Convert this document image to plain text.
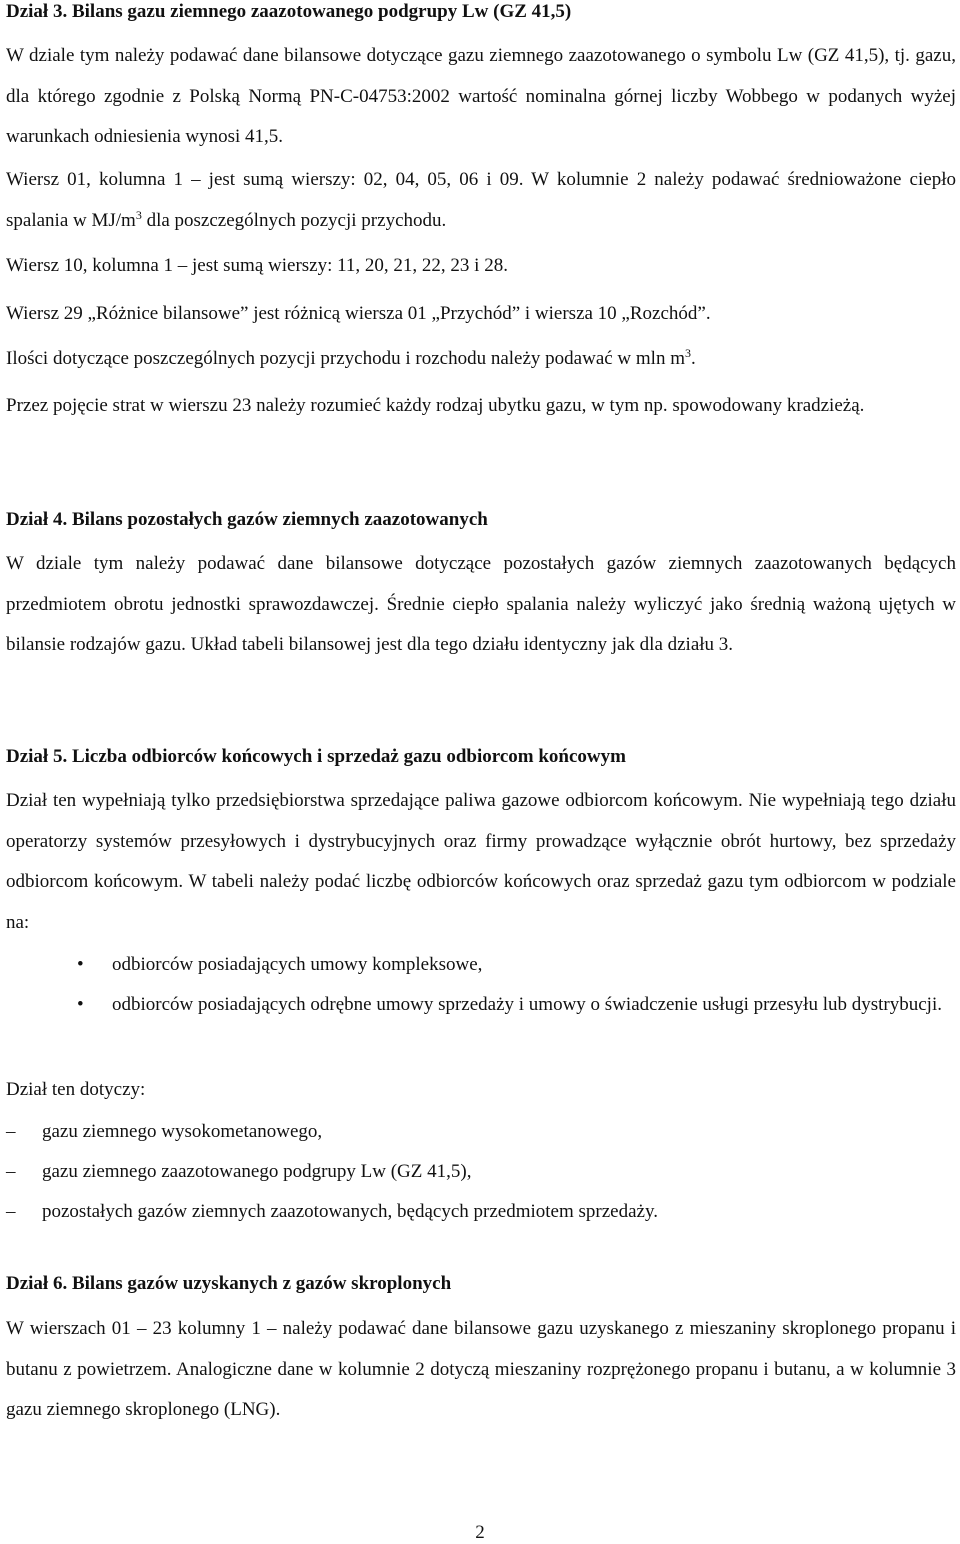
Dział 3. Bilans gazu ziemnego zaazotowanego podgrupy Lw (GZ 41,5)

W dziale tym należy podawać dane bilansowe dotyczące gazu ziemnego zaazotowanego o symbolu Lw (GZ 41,5), tj. gazu, dla którego zgodnie z Polską Normą PN-C-04753:2002 wartość nominalna górnej liczby Wobbego w podanych wyżej warunkach odniesienia wynosi 41,5.

Wiersz 01, kolumna 1 – jest sumą wierszy: 02, 04, 05, 06 i 09. W kolumnie 2 należy podawać średnioważone ciepło spalania w $MJ/m^3$ dla poszczególnych pozycji przychodu.

Wiersz 10, kolumna 1 – jest sumą wierszy: 11, 20, 21, 22, 23 i 28.

Wiersz 29 „Różnice bilansowe” jest różnicą wiersza 01 „Przychód” i wiersza 10 „Rozchód”.

Ilości dotyczące poszczególnych pozycji przychodu i rozchodu należy podawać w mln $m^3$.

Przez pojęcie strat w wierszu 23 należy rozumieć każdy rodzaj ubytku gazu, w tym np. spowodowany kradzieżą.

Dział 4. Bilans pozostałych gazów ziemnych zaazotowanych

W dziale tym należy podawać dane bilansowe dotyczące pozostałych gazów ziemnych zaazotowanych będących przedmiotem obrotu jednostki sprawozdawczej. Średnie ciepło spalania należy wyliczyć jako średnią ważoną ujętych w bilansie rodzajów gazu. Układ tabeli bilansowej jest dla tego działu identyczny jak dla działu 3.

Dział 5. Liczba odbiorców końcowych i sprzedaż gazu odbiorcom końcowym

Dział ten wypełniają tylko przedsiębiorstwa sprzedające paliwa gazowe odbiorcom końcowym. Nie wypełniają tego działu operatorzy systemów przesyłowych i dystrybucyjnych oraz firmy prowadzące wyłącznie obrót hurtowy, bez sprzedaży odbiorcom końcowym. W tabeli należy podać liczbę odbiorców końcowych oraz sprzedaż gazu tym odbiorcom w podziale na:

• odbiorców posiadających umowy kompleksowe,
• odbiorców posiadających odrębne umowy sprzedaży i umowy o świadczenie usługi przesyłu lub dystrybucji.

Dział ten dotyczy:

– gazu ziemnego wysokometanowego,
– gazu ziemnego zaazotowanego podgrupy Lw (GZ 41,5),
– pozostałych gazów ziemnych zaazotowanych, będących przedmiotem sprzedaży.

Dział 6. Bilans gazów uzyskanych z gazów skroplonych

W wierszach 01 – 23 kolumny 1 – należy podawać dane bilansowe gazu uzyskanego z mieszaniny skroplonego propanu i butanu z powietrzem. Analogiczne dane w kolumnie 2 dotyczą mieszaniny rozprężonego propanu i butanu, a w kolumnie 3 gazu ziemnego skroplonego (LNG).

2
